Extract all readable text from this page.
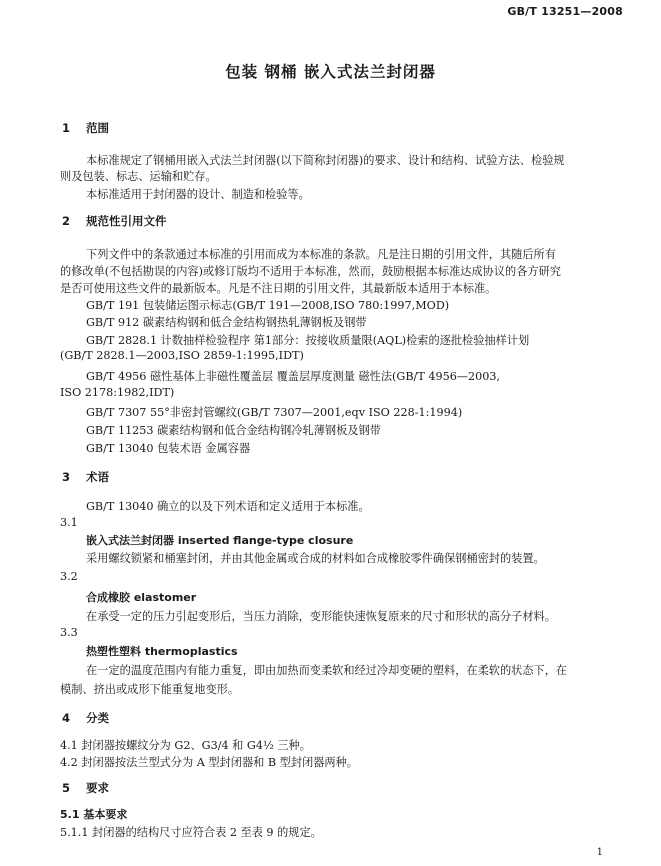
GB/T 13251—2008
包装 钢桶 嵌入式法兰封闭器
1 范围
本标准规定了钢桶用嵌入式法兰封闭器(以下简称封闭器)的要求、设计和结构、试验方法、检验规
则及包装、标志、运输和贮存。
本标准适用于封闭器的设计、制造和检验等。
2 规范性引用文件
下列文件中的条款通过本标准的引用而成为本标准的条款。凡是注日期的引用文件，其随后所有
的修改单(不包括勘误的内容)或修订版均不适用于本标准，然而，鼓励根据本标准达成协议的各方研究
是否可使用这些文件的最新版本。凡是不注日期的引用文件，其最新版本适用于本标准。
GB/T 191 包装储运图示标志(GB/T 191—2008,ISO 780:1997,MOD)
GB/T 912 碳素结构钢和低合金结构钢热轧薄钢板及钢带
GB/T 2828.1 计数抽样检验程序 第1部分：按接收质量限(AQL)检索的逐批检验抽样计划
(GB/T 2828.1—2003,ISO 2859-1:1995,IDT)
GB/T 4956 磁性基体上非磁性覆盖层 覆盖层厚度测量 磁性法(GB/T 4956—2003,
ISO 2178:1982,IDT)
GB/T 7307 55°非密封管螺纹(GB/T 7307—2001,eqv ISO 228-1:1994)
GB/T 11253 碳素结构钢和低合金结构钢冷轧薄钢板及钢带
GB/T 13040 包装术语 金属容器
3 术语
GB/T 13040 确立的以及下列术语和定义适用于本标准。
3.1
嵌入式法兰封闭器 inserted flange-type closure
采用螺纹锁紧和桶塞封闭，并由其他金属或合成的材料如合成橡胶零件确保钢桶密封的装置。
3.2
合成橡胶 elastomer
在承受一定的压力引起变形后，当压力消除，变形能快速恢复原来的尺寸和形状的高分子材料。
3.3
热塑性塑料 thermoplastics
在一定的温度范围内有能力重复，即由加热而变柔软和经过冷却变硬的塑料，在柔软的状态下，在
模制、挤出或成形下能重复地变形。
4 分类
4.1 封闭器按螺纹分为 G2、G3/4 和 G4½ 三种。
4.2 封闭器按法兰型式分为 A 型封闭器和 B 型封闭器两种。
5 要求
5.1 基本要求
5.1.1 封闭器的结构尺寸应符合表 2 至表 9 的规定。
1
